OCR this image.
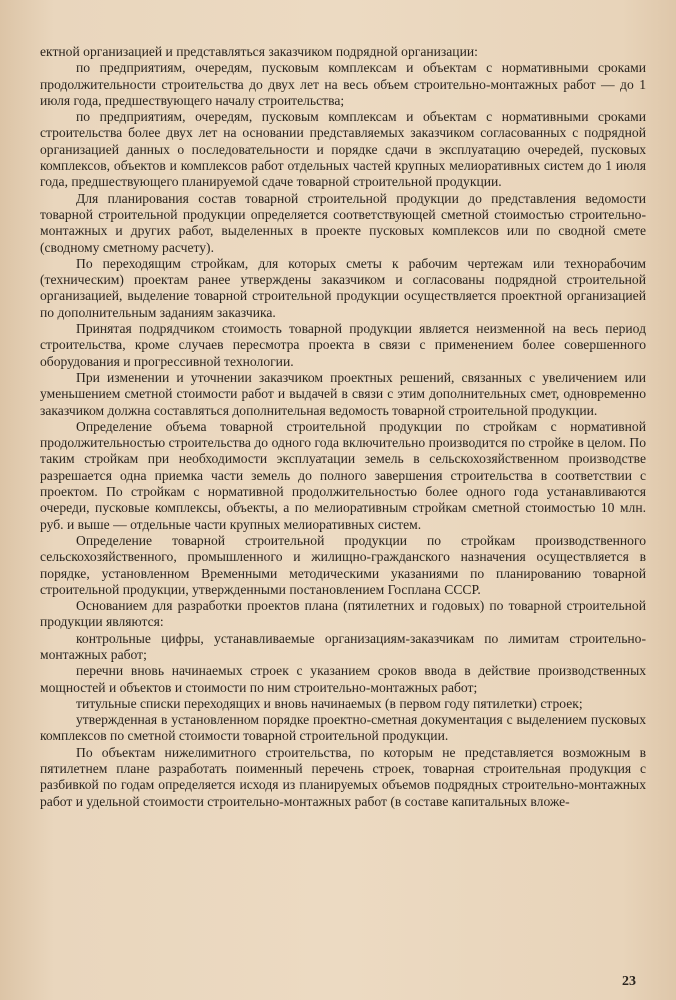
ектной организацией и представляться заказчиком подрядной организации:

по предприятиям, очередям, пусковым комплексам и объектам с нормативными сроками продолжительности строительства до двух лет на весь объем строительно-монтажных работ — до 1 июля года, предшествующего началу строительства;

по предприятиям, очередям, пусковым комплексам и объектам с нормативными сроками строительства более двух лет на основании представляемых заказчиком согласованных с подрядной организацией данных о последовательности и порядке сдачи в эксплуатацию очередей, пусковых комплексов, объектов и комплексов работ отдельных частей крупных мелиоративных систем до 1 июля года, предшествующего планируемой сдаче товарной строительной продукции.

Для планирования состав товарной строительной продукции до представления ведомости товарной строительной продукции определяется соответствующей сметной стоимостью строительно-монтажных и других работ, выделенных в проекте пусковых комплексов или по сводной смете (сводному сметному расчету).

По переходящим стройкам, для которых сметы к рабочим чертежам или технорабочим (техническим) проектам ранее утверждены заказчиком и согласованы подрядной строительной организацией, выделение товарной строительной продукции осуществляется проектной организацией по дополнительным заданиям заказчика.

Принятая подрядчиком стоимость товарной продукции является неизменной на весь период строительства, кроме случаев пересмотра проекта в связи с применением более совершенного оборудования и прогрессивной технологии.

При изменении и уточнении заказчиком проектных решений, связанных с увеличением или уменьшением сметной стоимости работ и выдачей в связи с этим дополнительных смет, одновременно заказчиком должна составляться дополнительная ведомость товарной строительной продукции.

Определение объема товарной строительной продукции по стройкам с нормативной продолжительностью строительства до одного года включительно производится по стройке в целом. По таким стройкам при необходимости эксплуатации земель в сельскохозяйственном производстве разрешается одна приемка части земель до полного завершения строительства в соответствии с проектом. По стройкам с нормативной продолжительностью более одного года устанавливаются очереди, пусковые комплексы, объекты, а по мелиоративным стройкам сметной стоимостью 10 млн. руб. и выше — отдельные части крупных мелиоративных систем.

Определение товарной строительной продукции по стройкам производственного сельскохозяйственного, промышленного и жилищно-гражданского назначения осуществляется в порядке, установленном Временными методическими указаниями по планированию товарной строительной продукции, утвержденными постановлением Госплана СССР.

Основанием для разработки проектов плана (пятилетних и годовых) по товарной строительной продукции являются:

контрольные цифры, устанавливаемые организациям-заказчикам по лимитам строительно-монтажных работ;

перечни вновь начинаемых строек с указанием сроков ввода в действие производственных мощностей и объектов и стоимости по ним строительно-монтажных работ;

титульные списки переходящих и вновь начинаемых (в первом году пятилетки) строек;

утвержденная в установленном порядке проектно-сметная документация с выделением пусковых комплексов по сметной стоимости товарной строительной продукции.

По объектам нижелимитного строительства, по которым не представляется возможным в пятилетнем плане разработать поименный перечень строек, товарная строительная продукция с разбивкой по годам определяется исходя из планируемых объемов подрядных строительно-монтажных работ и удельной стоимости строительно-монтажных работ (в составе капитальных вложе-

23
